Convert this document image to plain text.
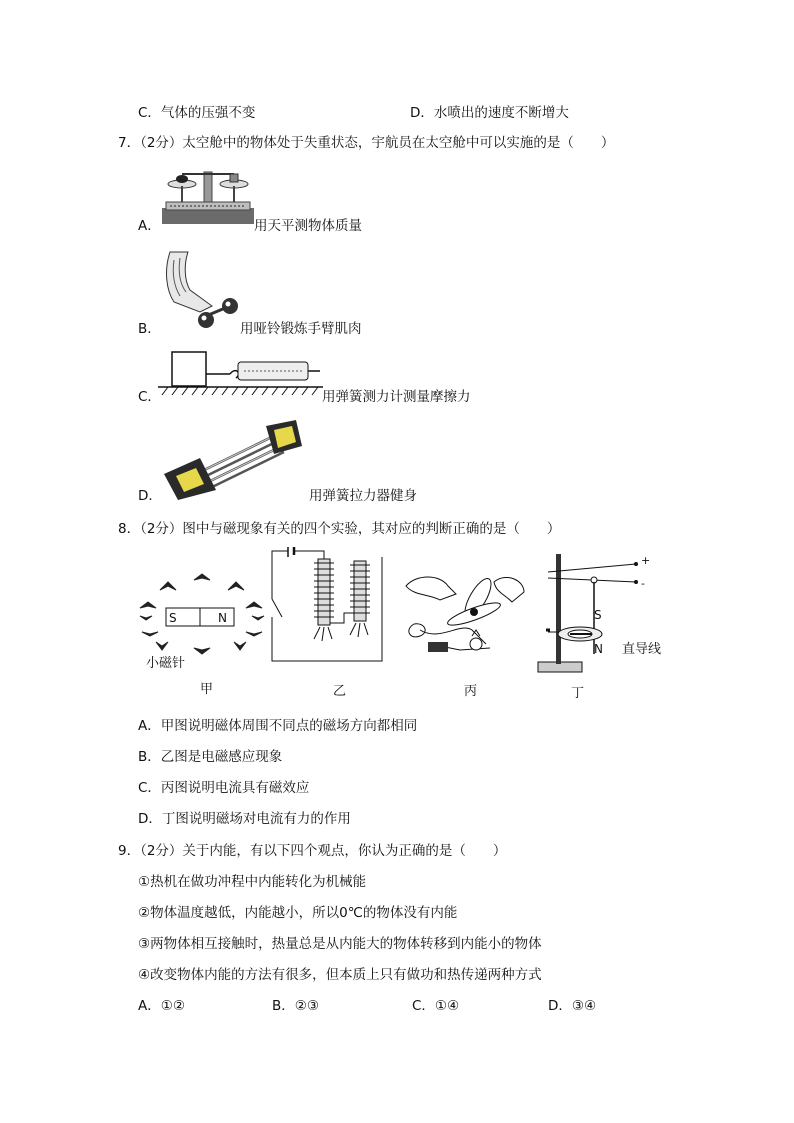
C．气体的压强不变	D．水喷出的速度不断增大
7．（2分）太空舱中的物体处于失重状态，宇航员在太空舱中可以实施的是（　　）
A．	用天平测物体质量
B．	用哑铃锻炼手臂肌肉
C．	用弹簧测力计测量摩擦力
D．	用弹簧拉力器健身
8．（2分）图中与磁现象有关的四个实验，其对应的判断正确的是（　　）
S	N
小磁针
甲	乙	丙
+
-
S
N 直导线
丁
A．甲图说明磁体周围不同点的磁场方向都相同
B．乙图是电磁感应现象
C．丙图说明电流具有磁效应
D．丁图说明磁场对电流有力的作用
9．（2分）关于内能，有以下四个观点，你认为正确的是（　　）
①热机在做功冲程中内能转化为机械能
②物体温度越低，内能越小，所以0℃的物体没有内能
③两物体相互接触时，热量总是从内能大的物体转移到内能小的物体
④改变物体内能的方法有很多，但本质上只有做功和热传递两种方式
A．①②	B．②③	C．①④	D．③④
